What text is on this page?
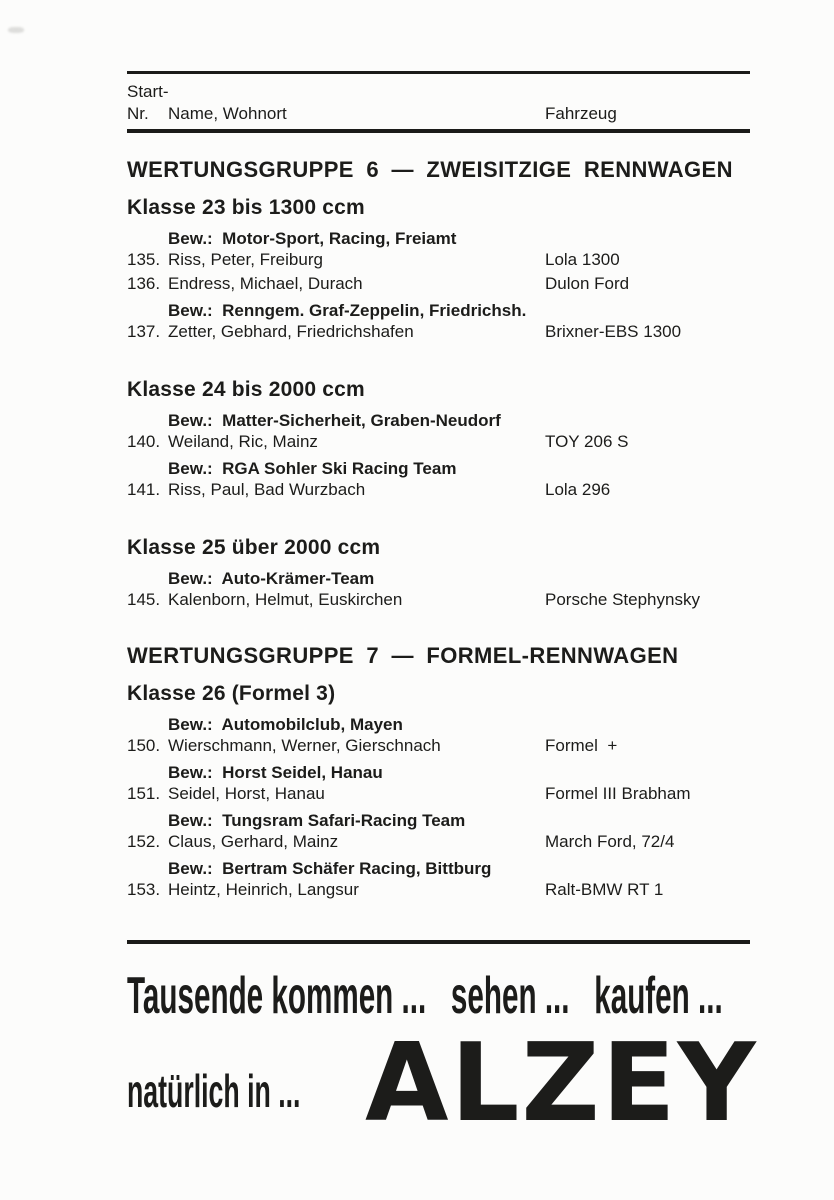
Start-
Nr. Name, Wohnort	Fahrzeug
WERTUNGSGRUPPE 6 — ZWEISITZIGE RENNWAGEN
Klasse 23 bis 1300 ccm
Bew.:  Motor-Sport, Racing, Freiamt
135. Riss, Peter, Freiburg	Lola 1300
136. Endress, Michael, Durach	Dulon Ford
Bew.:  Renngem. Graf-Zeppelin, Friedrichsh.
137. Zetter, Gebhard, Friedrichshafen	Brixner-EBS 1300
Klasse 24 bis 2000 ccm
Bew.:  Matter-Sicherheit, Graben-Neudorf
140. Weiland, Ric, Mainz	TOY 206 S
Bew.:  RGA Sohler Ski Racing Team
141. Riss, Paul, Bad Wurzbach	Lola 296
Klasse 25 über 2000 ccm
Bew.:  Auto-Krämer-Team
145. Kalenborn, Helmut, Euskirchen	Porsche Stephynsky
WERTUNGSGRUPPE 7 — FORMEL-RENNWAGEN
Klasse 26 (Formel 3)
Bew.:  Automobilclub, Mayen
150. Wierschmann, Werner, Gierschnach	Formel  +
Bew.:  Horst Seidel, Hanau
151. Seidel, Horst, Hanau	Formel III Brabham
Bew.:  Tungsram Safari-Racing Team
152. Claus, Gerhard, Mainz	March Ford, 72/4
Bew.:  Bertram Schäfer Racing, Bittburg
153. Heintz, Heinrich, Langsur	Ralt-BMW RT 1
Tausende kommen ...   sehen ...   kaufen ...
natürlich in ... ALZEY
